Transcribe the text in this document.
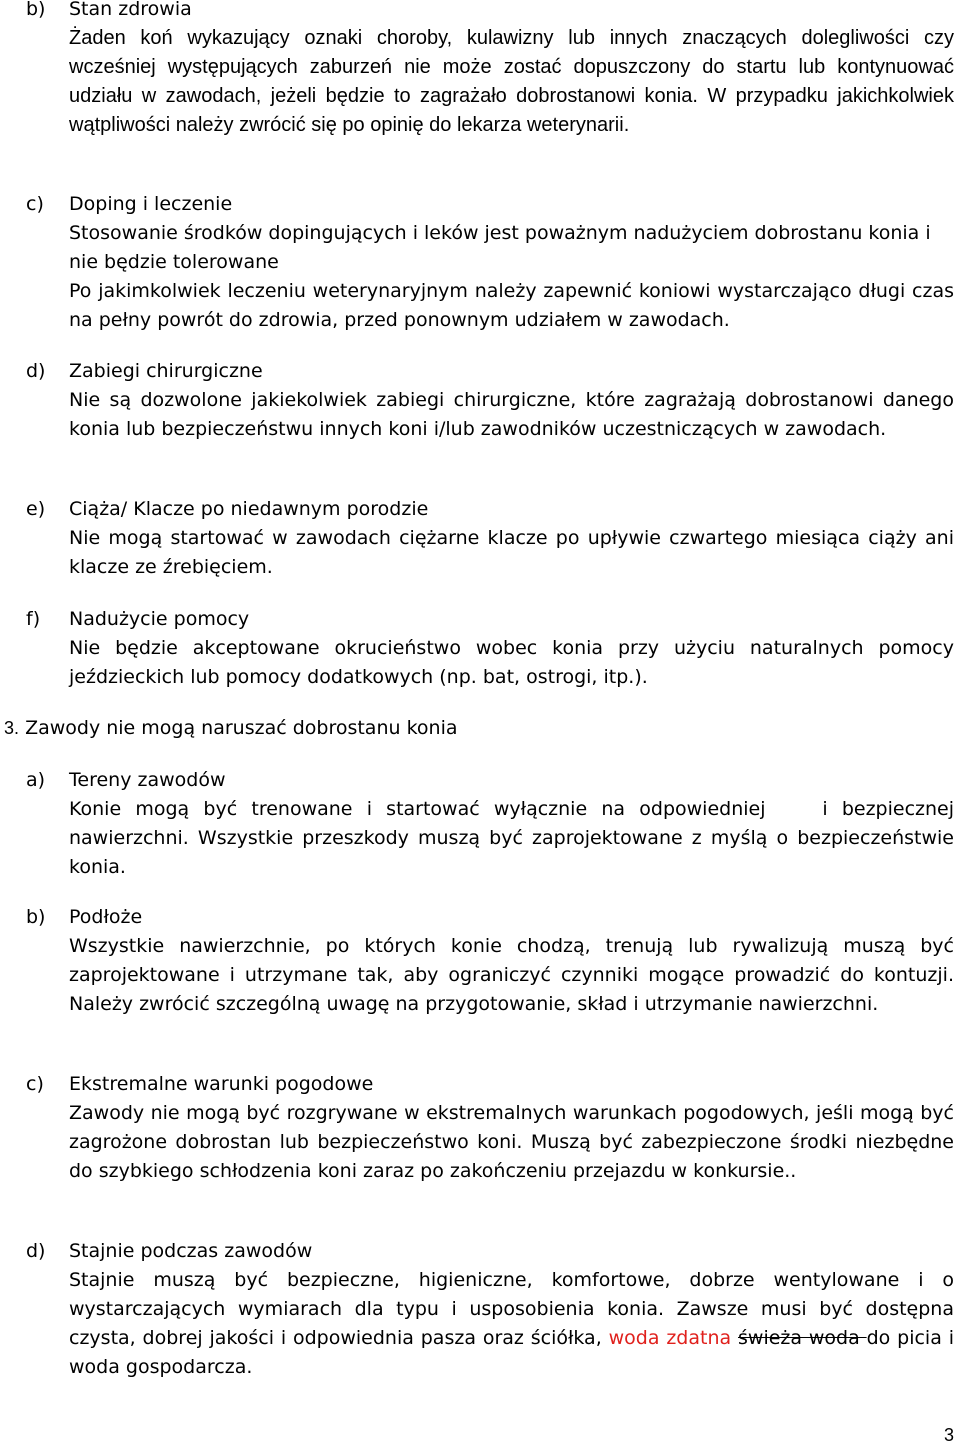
b) Stan zdrowia
Żaden koń wykazujący oznaki choroby, kulawizny lub innych znaczących dolegliwości czy wcześniej występujących zaburzeń nie może zostać dopuszczony do startu lub kontynuować udziału w zawodach, jeżeli będzie to zagrażało dobrostanowi konia. W przypadku jakichkolwiek wątpliwości należy zwrócić się po opinię do lekarza weterynarii.
c) Doping i leczenie
Stosowanie środków dopingujących i leków jest poważnym nadużyciem dobrostanu konia i nie będzie tolerowane
Po jakimkolwiek leczeniu weterynaryjnym należy zapewnić koniowi wystarczająco długi czas na pełny powrót do zdrowia, przed ponownym udziałem w zawodach.
d) Zabiegi chirurgiczne
Nie są dozwolone jakiekolwiek zabiegi chirurgiczne, które zagrażają dobrostanowi danego konia lub bezpieczeństwu innych koni i/lub zawodników uczestniczących w zawodach.
e) Ciąża/ Klacze po niedawnym porodzie
Nie mogą startować w zawodach ciężarne klacze po upływie czwartego miesiąca ciąży ani klacze ze źrebięciem.
f) Nadużycie pomocy
Nie będzie akceptowane okrucieństwo wobec konia przy użyciu naturalnych pomocy jeździeckich lub pomocy dodatkowych (np. bat, ostrogi, itp.).
3. Zawody nie mogą naruszać dobrostanu konia
a) Tereny zawodów
Konie mogą być trenowane i startować wyłącznie na odpowiedniej    i bezpiecznej nawierzchni. Wszystkie przeszkody muszą być zaprojektowane z myślą o bezpieczeństwie konia.
b) Podłoże
Wszystkie nawierzchnie, po których konie chodzą, trenują lub rywalizują muszą być zaprojektowane i utrzymane tak, aby ograniczyć czynniki mogące prowadzić do kontuzji. Należy zwrócić szczególną uwagę na przygotowanie, skład i utrzymanie nawierzchni.
c) Ekstremalne warunki pogodowe
Zawody nie mogą być rozgrywane w ekstremalnych warunkach pogodowych, jeśli mogą być zagrożone dobrostan lub bezpieczeństwo koni. Muszą być zabezpieczone środki niezbędne do szybkiego schłodzenia koni zaraz po zakończeniu przejazdu w konkursie..
d) Stajnie podczas zawodów
Stajnie muszą być bezpieczne, higieniczne, komfortowe, dobrze wentylowane i o wystarczających wymiarach dla typu i usposobienia konia. Zawsze musi być dostępna czysta, dobrej jakości i odpowiednia pasza oraz ściółka, woda zdatna świeża woda do picia i woda gospodarcza.
3
